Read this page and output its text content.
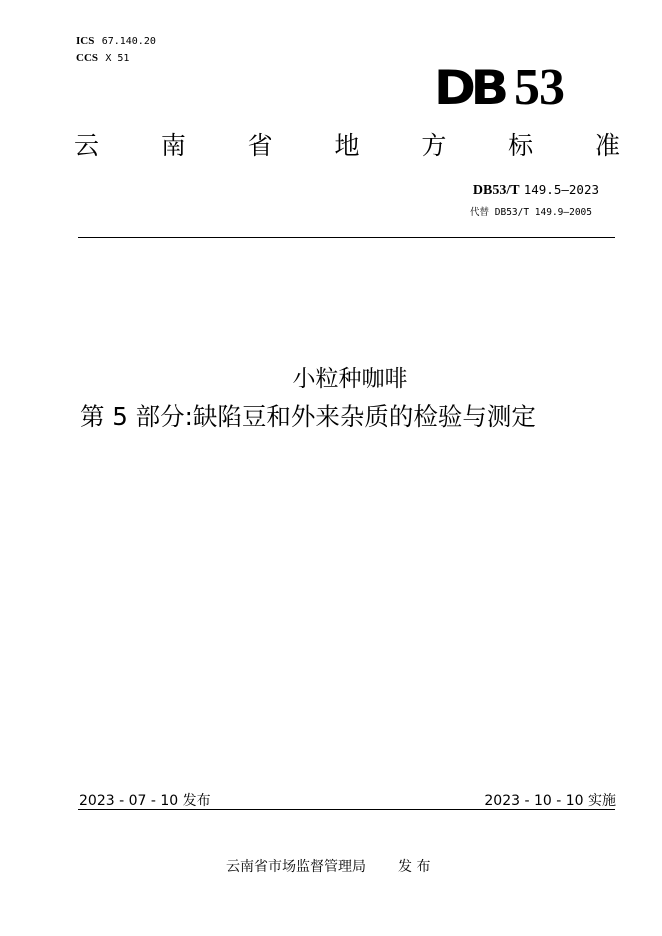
ICS 67.140.20
CCS X 51
DB 53
云 南 省 地 方 标 准
DB53/T 149.5—2023
代替 DB53/T 149.9—2005
小粒种咖啡
第 5 部分:缺陷豆和外来杂质的检验与测定
2023 - 07 - 10 发布	2023 - 10 - 10 实施
云南省市场监督管理局 发 布
